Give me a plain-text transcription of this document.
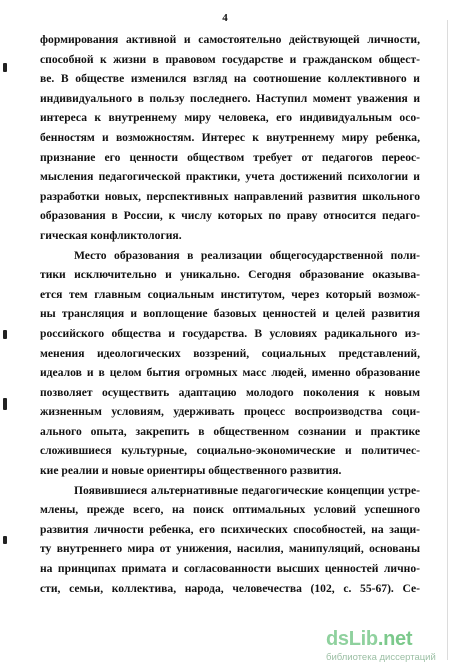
4
формирования активной и самостоятельно действующей личности,
способной к жизни в правовом государстве и гражданском общест-
ве. В обществе изменился взгляд на соотношение коллективного и
индивидуального в пользу последнего. Наступил момент уважения и
интереса к внутреннему миру человека, его индивидуальным осо-
бенностям и возможностям. Интерес к внутреннему миру ребенка,
признание его ценности обществом требует от педагогов переос-
мысления педагогической практики, учета достижений психологии и
разработки новых, перспективных направлений развития школьного
образования в России, к числу которых по праву относится педаго-
гическая конфликтология.
Место образования в реализации общегосударственной поли-
тики исключительно и уникально. Сегодня образование оказыва-
ется тем главным социальным институтом, через который возмож-
ны трансляция и воплощение базовых ценностей и целей развития
российского общества и государства. В условиях радикального из-
менения идеологических воззрений, социальных представлений,
идеалов и в целом бытия огромных масс людей, именно образование
позволяет осуществить адаптацию молодого поколения к новым
жизненным условиям, удерживать процесс воспроизводства соци-
ального опыта, закрепить в общественном сознании и практике
сложившиеся культурные, социально-экономические и политичес-
кие реалии и новые ориентиры общественного развития.
Появившиеся альтернативные педагогические концепции устре-
млены, прежде всего, на поиск оптимальных условий успешного
развития личности ребенка, его психических способностей, на защи-
ту внутреннего мира от унижения, насилия, манипуляций, основаны
на принципах примата и согласованности высших ценностей лично-
сти, семьи, коллектива, народа, человечества (102, с. 55-67). Се-
dsLib.net
библиотека диссертаций
